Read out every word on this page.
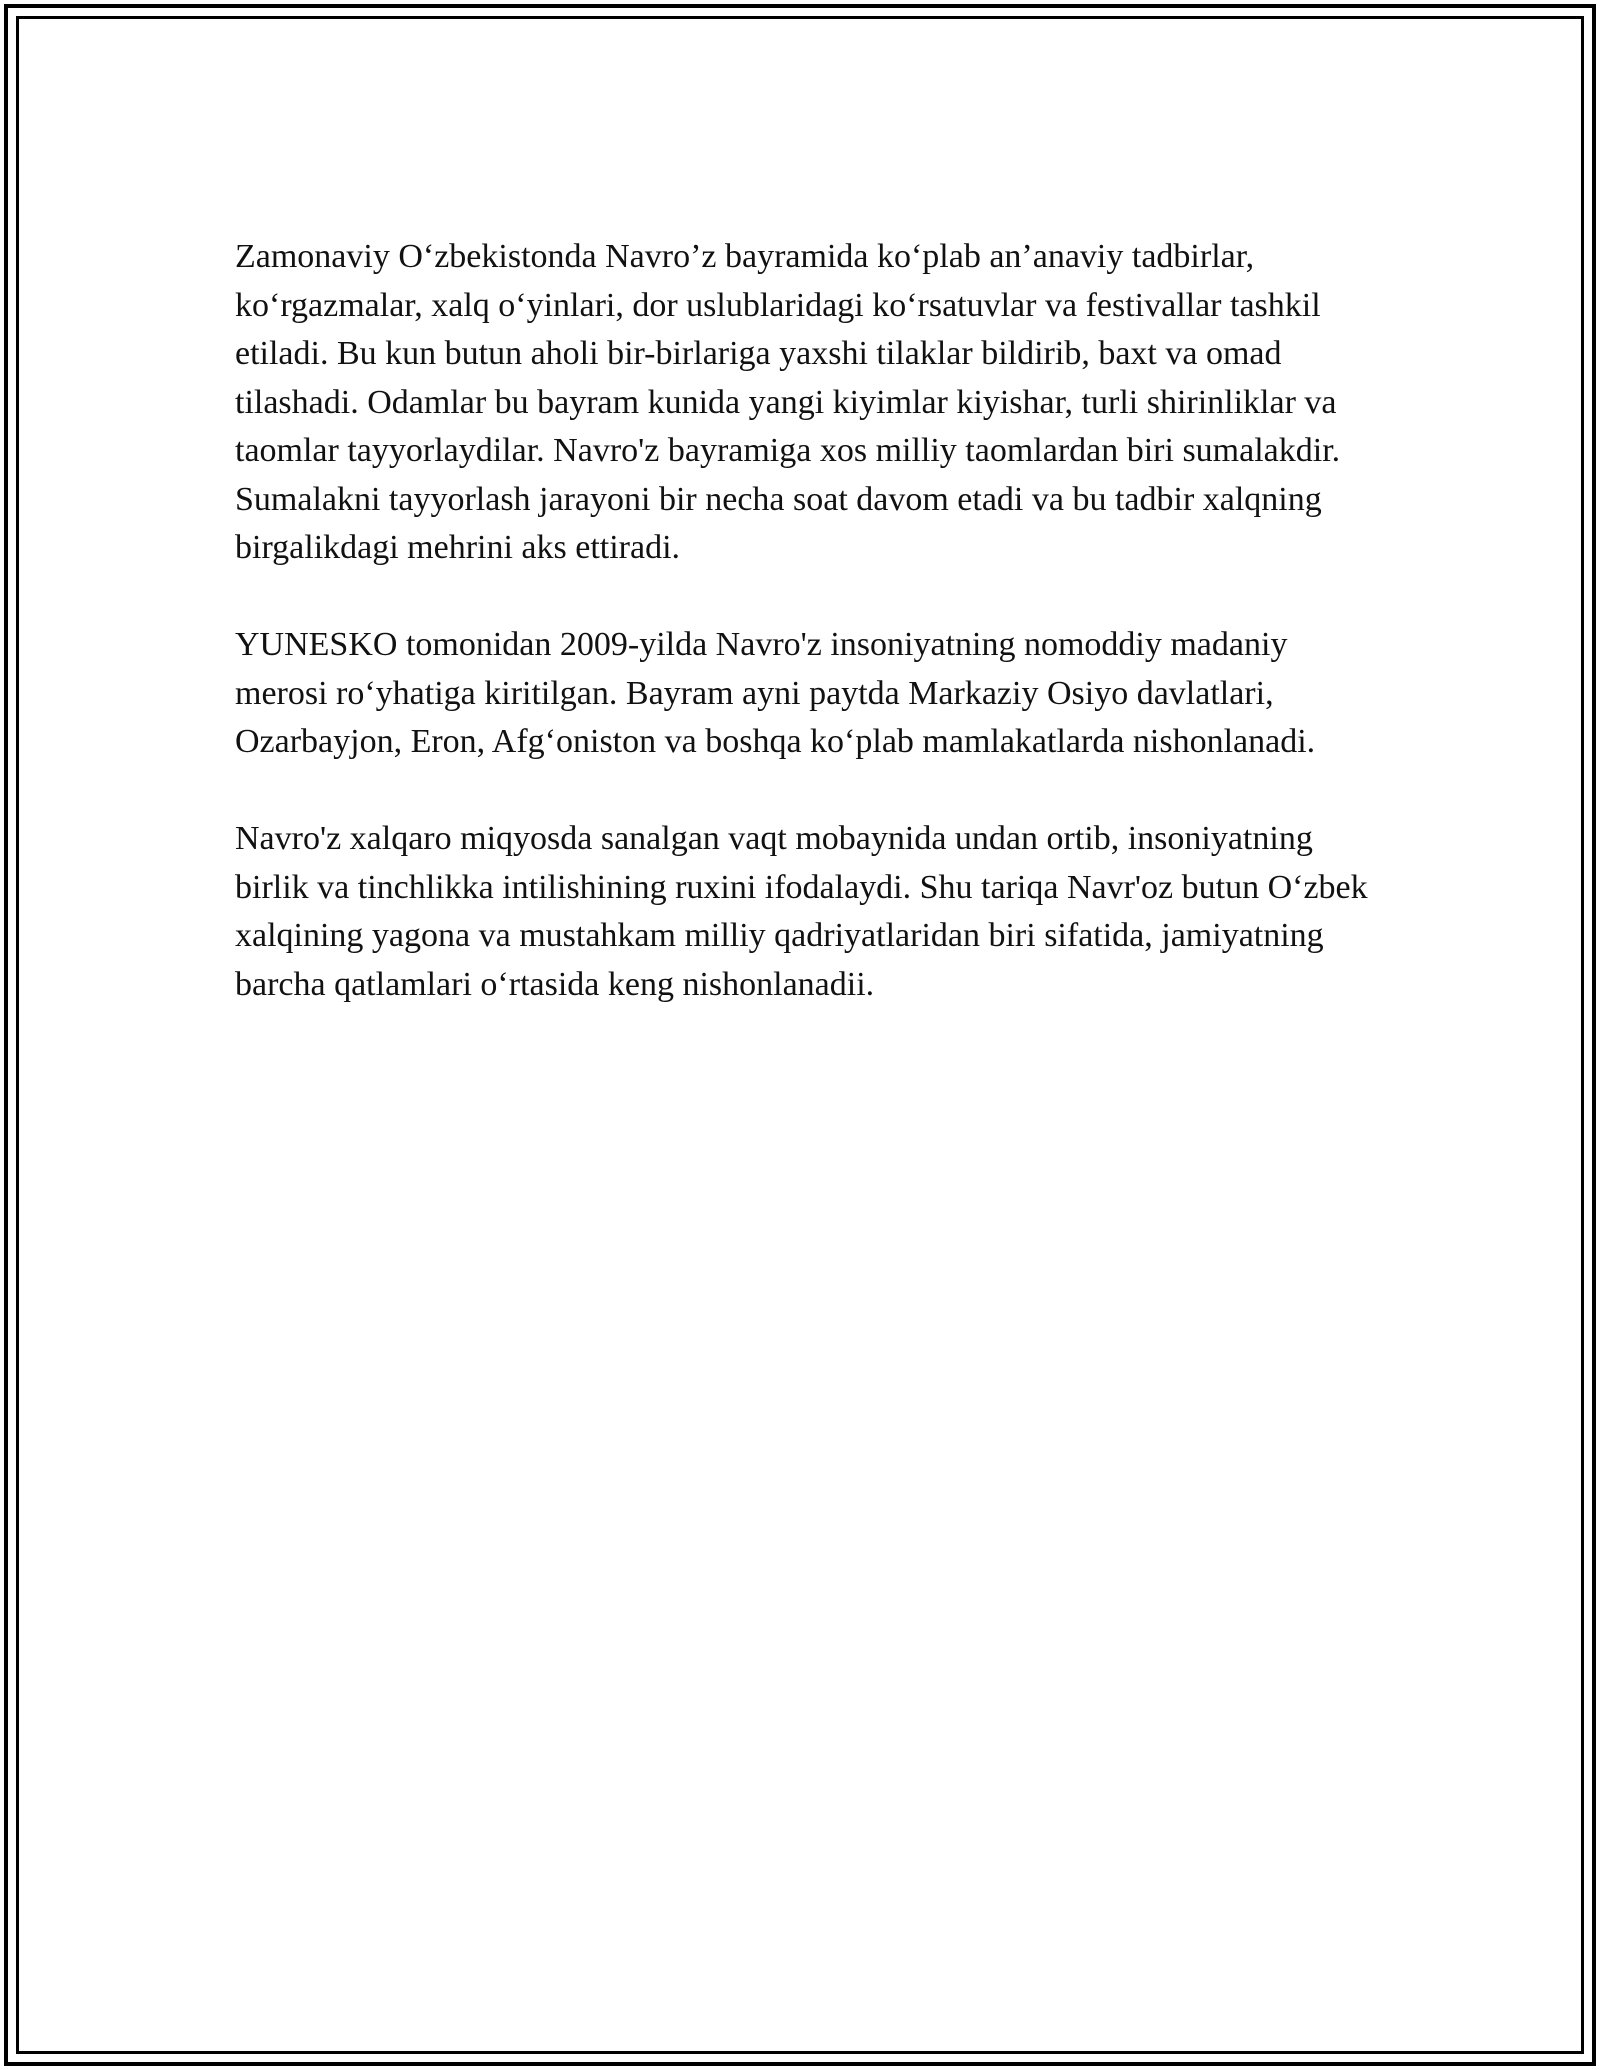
Zamonaviy O‘zbekistonda Navro’z bayramida ko‘plab an’anaviy tadbirlar, ko‘rgazmalar, xalq o‘yinlari, dor uslublaridagi ko‘rsatuvlar va festivallar tashkil etiladi. Bu kun butun aholi bir-birlariga yaxshi tilaklar bildirib, baxt va omad tilashadi. Odamlar bu bayram kunida yangi kiyimlar kiyishar, turli shirinliklar va taomlar tayyorlaydilar. Navro'z bayramiga xos milliy taomlardan biri sumalakdir. Sumalakni tayyorlash jarayoni bir necha soat davom etadi va bu tadbir xalqning birgalikdagi mehrini aks ettiradi.

YUNESKO tomonidan 2009-yilda Navro'z insoniyatning nomoddiy madaniy merosi ro‘yhatiga kiritilgan. Bayram ayni paytda Markaziy Osiyo davlatlari, Ozarbayjon, Eron, Afg‘oniston va boshqa ko‘plab mamlakatlarda nishonlanadi.

Navro'z xalqaro miqyosda sanalgan vaqt mobaynida undan ortib, insoniyatning birlik va tinchlikka intilishining ruxini ifodalaydi. Shu tariqa Navr'oz butun O‘zbek xalqining yagona va mustahkam milliy qadriyatlaridan biri sifatida, jamiyatning barcha qatlamlari o‘rtasida keng nishonlanadii.
